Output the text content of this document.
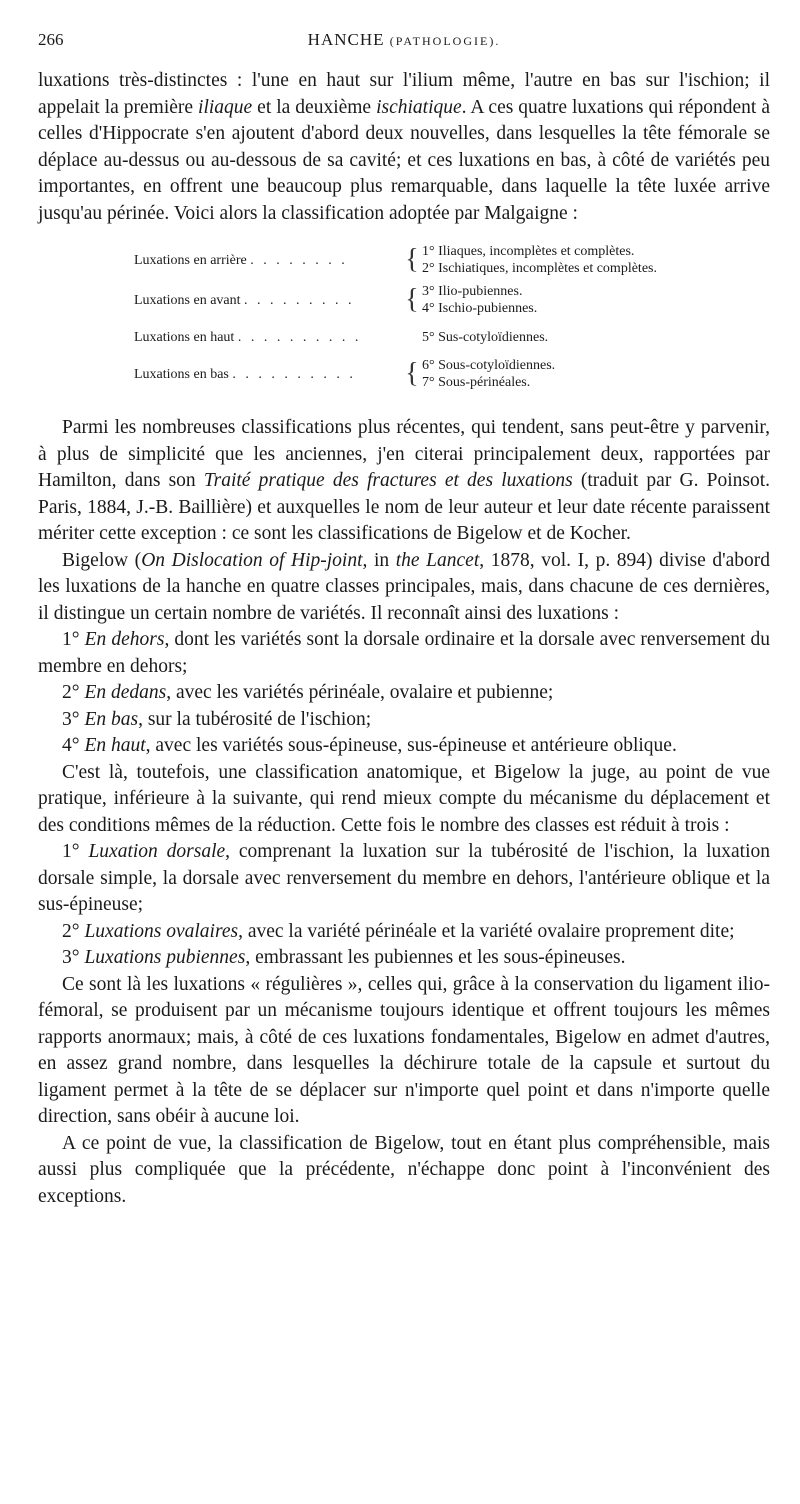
266	HANCHE (PATHOLOGIE).

luxations très-distinctes : l'une en haut sur l'ilium même, l'autre en bas sur l'ischion; il appelait la première iliaque et la deuxième ischiatique. A ces quatre luxations qui répondent à celles d'Hippocrate s'en ajoutent d'abord deux nouvelles, dans lesquelles la tête fémorale se déplace au-dessus ou au-dessous de sa cavité; et ces luxations en bas, à côté de variétés peu importantes, en offrent une beaucoup plus remarquable, dans laquelle la tête luxée arrive jusqu'au périnée. Voici alors la classification adoptée par Malgaigne :

Luxations en arrière . . . . . . . .	{ 1° Iliaques, incomplètes et complètes.
2° Ischiatiques, incomplètes et complètes.
Luxations en avant . . . . . . . . .	{ 3° Ilio-pubiennes.
4° Ischio-pubiennes.
Luxations en haut . . . . . . . . . .	5° Sus-cotyloïdiennes.
Luxations en bas . . . . . . . . . .	{ 6° Sous-cotyloïdiennes.
7° Sous-périnéales.

Parmi les nombreuses classifications plus récentes, qui tendent, sans peut-être y parvenir, à plus de simplicité que les anciennes, j'en citerai principalement deux, rapportées par Hamilton, dans son Traité pratique des fractures et des luxations (traduit par G. Poinsot. Paris, 1884, J.-B. Baillière) et auxquelles le nom de leur auteur et leur date récente paraissent mériter cette exception : ce sont les classifications de Bigelow et de Kocher.

Bigelow (On Dislocation of Hip-joint, in the Lancet, 1878, vol. I, p. 894) divise d'abord les luxations de la hanche en quatre classes principales, mais, dans chacune de ces dernières, il distingue un certain nombre de variétés. Il reconnaît ainsi des luxations :

1° En dehors, dont les variétés sont la dorsale ordinaire et la dorsale avec renversement du membre en dehors;

2° En dedans, avec les variétés périnéale, ovalaire et pubienne;

3° En bas, sur la tubérosité de l'ischion;

4° En haut, avec les variétés sous-épineuse, sus-épineuse et antérieure oblique.

C'est là, toutefois, une classification anatomique, et Bigelow la juge, au point de vue pratique, inférieure à la suivante, qui rend mieux compte du mécanisme du déplacement et des conditions mêmes de la réduction. Cette fois le nombre des classes est réduit à trois :

1° Luxation dorsale, comprenant la luxation sur la tubérosité de l'ischion, la luxation dorsale simple, la dorsale avec renversement du membre en dehors, l'antérieure oblique et la sus-épineuse;

2° Luxations ovalaires, avec la variété périnéale et la variété ovalaire proprement dite;

3° Luxations pubiennes, embrassant les pubiennes et les sous-épineuses.

Ce sont là les luxations « régulières », celles qui, grâce à la conservation du ligament ilio-fémoral, se produisent par un mécanisme toujours identique et offrent toujours les mêmes rapports anormaux; mais, à côté de ces luxations fondamentales, Bigelow en admet d'autres, en assez grand nombre, dans lesquelles la déchirure totale de la capsule et surtout du ligament permet à la tête de se déplacer sur n'importe quel point et dans n'importe quelle direction, sans obéir à aucune loi.

A ce point de vue, la classification de Bigelow, tout en étant plus compréhensible, mais aussi plus compliquée que la précédente, n'échappe donc point à l'inconvénient des exceptions.
